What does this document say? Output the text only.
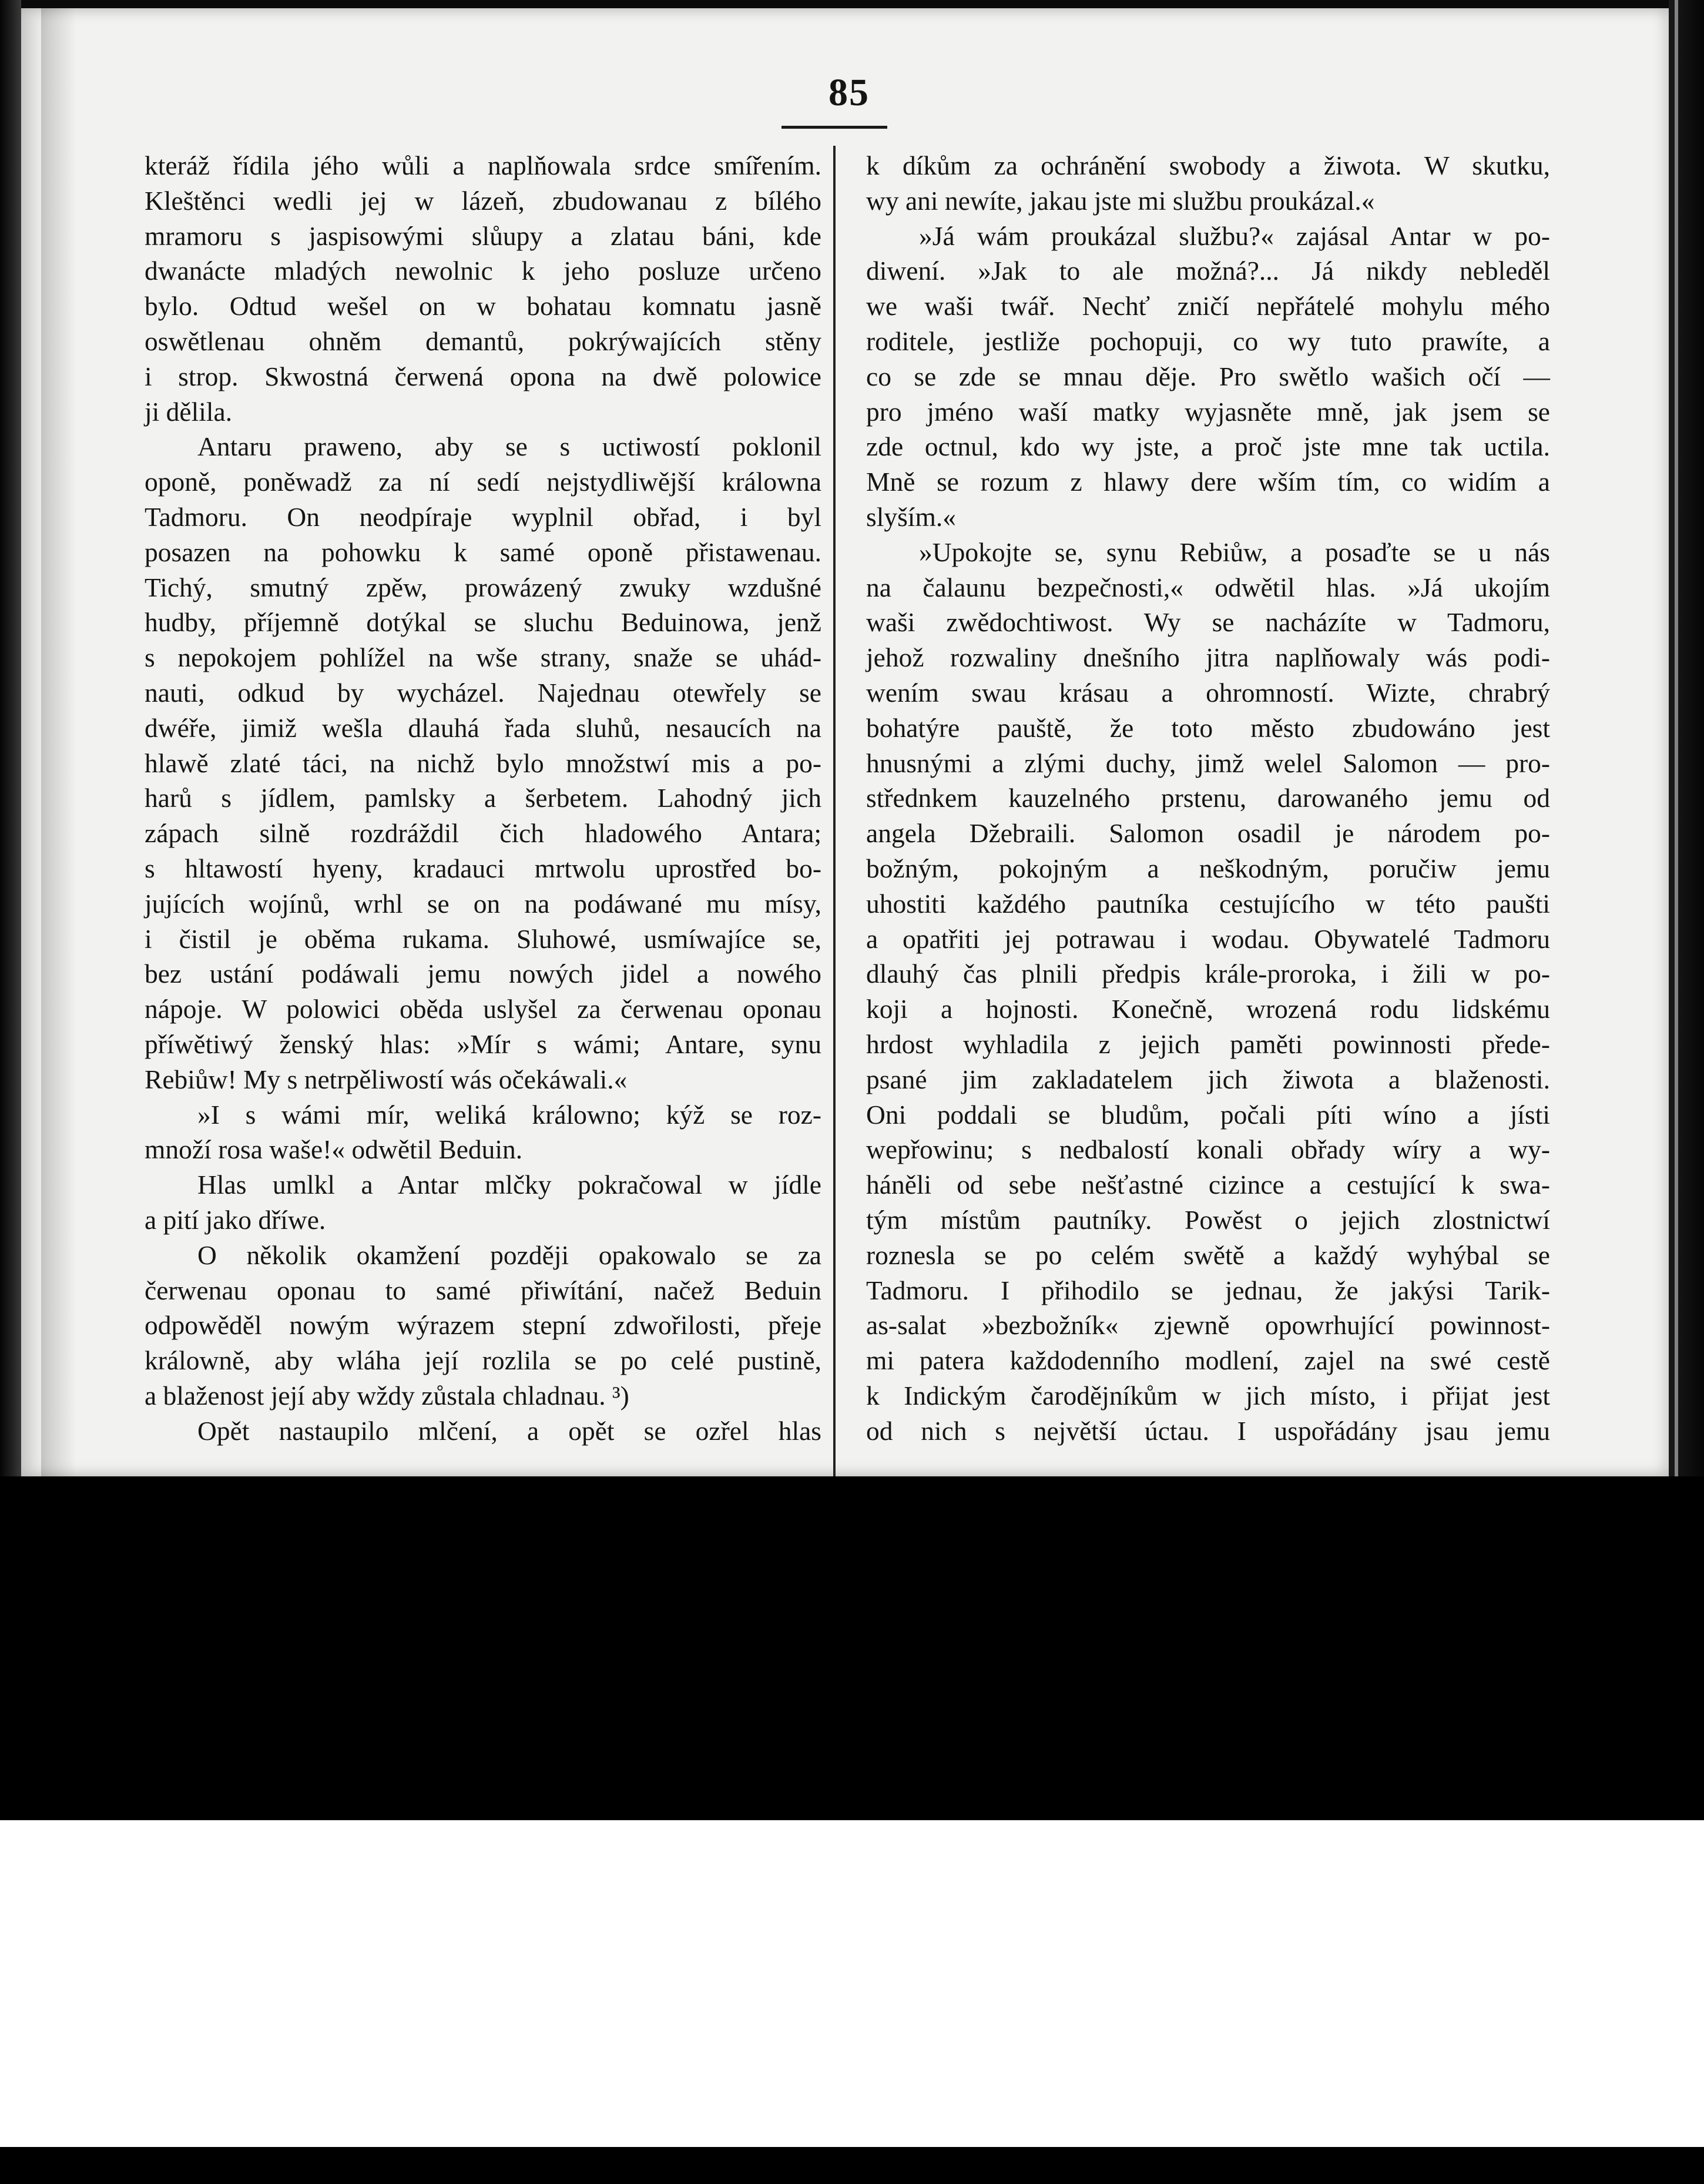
85
kteráž řídila jého wůli a naplňowala srdce smířením.
Kleštěnci wedli jej w lázeň, zbudowanau z bílého
mramoru s jaspisowými slůupy a zlatau báni, kde
dwanácte mladých newolnic k jeho posluze určeno
bylo. Odtud wešel on w bohatau komnatu jasně
oswětlenau ohněm demantů, pokrýwajících stěny
i strop. Skwostná čerwená opona na dwě polowice
ji dělila.
Antaru praweno, aby se s uctiwostí poklonil
oponě, poněwadž za ní sedí nejstydliwější králowna
Tadmoru. On neodpíraje wyplnil obřad, i byl
posazen na pohowku k samé oponě přistawenau.
Tichý, smutný zpěw, prowázený zwuky wzdušné
hudby, příjemně dotýkal se sluchu Beduinowa, jenž
s nepokojem pohlížel na wše strany, snaže se uhád-
nauti, odkud by wycházel. Najednau otewřely se
dwéře, jimiž wešla dlauhá řada sluhů, nesaucích na
hlawě zlaté táci, na nichž bylo množstwí mis a po-
harů s jídlem, pamlsky a šerbetem. Lahodný jich
zápach silně rozdráždil čich hladowého Antara;
s hltawostí hyeny, kradauci mrtwolu uprostřed bo-
jujících wojínů, wrhl se on na podáwané mu mísy,
i čistil je oběma rukama. Sluhowé, usmíwajíce se,
bez ustání podáwali jemu nowých jidel a nowého
nápoje. W polowici oběda uslyšel za čerwenau oponau
příwětiwý ženský hlas: »Mír s wámi; Antare, synu
Rebiůw! My s netrpěliwostí wás očekáwali.«
»I s wámi mír, weliká králowno; kýž se roz-
množí rosa waše!« odwětil Beduin.
Hlas umlkl a Antar mlčky pokračowal w jídle
a pití jako dříwe.
O několik okamžení později opakowalo se za
čerwenau oponau to samé přiwítání, načež Beduin
odpowěděl nowým wýrazem stepní zdwořilosti, přeje
králowně, aby wláha její rozlila se po celé pustině,
a blaženost její aby wždy zůstala chladnau. ³)
Opět nastaupilo mlčení, a opět se ozřel hlas
k díkům za ochránění swobody a žiwota. W skutku,
wy ani newíte, jakau jste mi službu proukázal.«
»Já wám proukázal službu?« zajásal Antar w po-
diwení. »Jak to ale možná?... Já nikdy nebleděl
we waši twář. Nechť zničí nepřátelé mohylu mého
roditele, jestliže pochopuji, co wy tuto prawíte, a
co se zde se mnau děje. Pro swětlo wašich očí —
pro jméno waší matky wyjasněte mně, jak jsem se
zde octnul, kdo wy jste, a proč jste mne tak uctila.
Mně se rozum z hlawy dere wším tím, co widím a
slyším.«
»Upokojte se, synu Rebiůw, a posaďte se u nás
na čalaunu bezpečnosti,« odwětil hlas. »Já ukojím
waši zwědochtiwost. Wy se nacházíte w Tadmoru,
jehož rozwaliny dnešního jitra naplňowaly wás podi-
wením swau krásau a ohromností. Wizte, chrabrý
bohatýre pauště, že toto město zbudowáno jest
hnusnými a zlými duchy, jimž welel Salomon — pro-
střednkem kauzelného prstenu, darowaného jemu od
angela Džebraili. Salomon osadil je národem po-
božným, pokojným a neškodným, poručiw jemu
uhostiti každého pautníka cestujícího w této paušti
a opatřiti jej potrawau i wodau. Obywatelé Tadmoru
dlauhý čas plnili předpis krále-proroka, i žili w po-
koji a hojnosti. Konečně, wrozená rodu lidskému
hrdost wyhladila z jejich paměti powinnosti přede-
psané jim zakladatelem jich žiwota a blaženosti.
Oni poddali se bludům, počali píti wíno a jísti
wepřowinu; s nedbalostí konali obřady wíry a wy-
háněli od sebe nešťastné cizince a cestující k swa-
tým místům pautníky. Powěst o jejich zlostnictwí
roznesla se po celém swětě a každý wyhýbal se
Tadmoru. I přihodilo se jednau, že jakýsi Tarik-
as-salat »bezbožník« zjewně opowrhující powinnost-
mi patera každodenního modlení, zajel na swé cestě
k Indickým čarodějníkům w jich místo, i přijat jest
od nich s největší úctau. I uspořádány jsau jemu
